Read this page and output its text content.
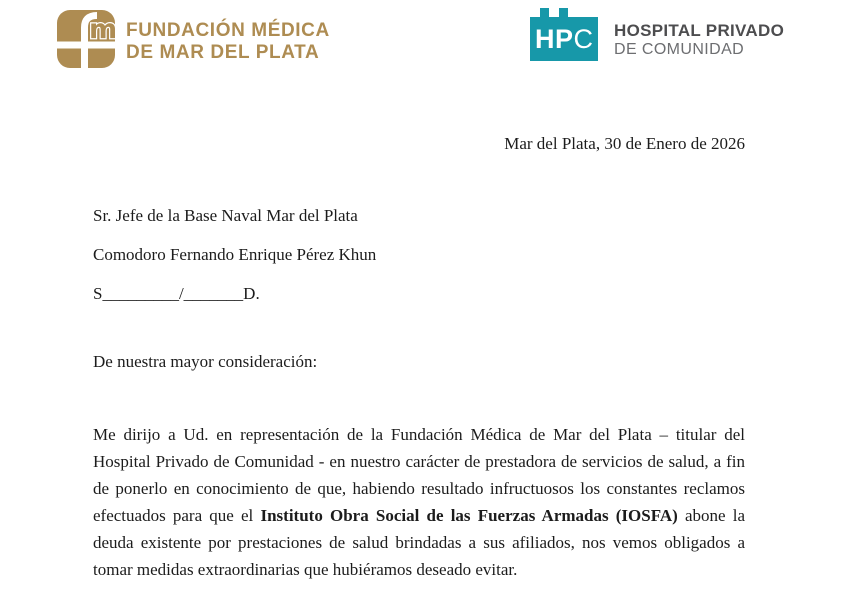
m FUNDACIÓN MÉDICA
DE MAR DEL PLATA	HP C HOSPITAL PRIVADO
DE COMUNIDAD
Mar del Plata, 30 de Enero de 2026
Sr. Jefe de la Base Naval Mar del Plata
Comodoro Fernando Enrique Pérez Khun
S_________/_______D.
De nuestra mayor consideración:

Me dirijo a Ud. en representación de la Fundación Médica de Mar del Plata – titular del Hospital Privado de Comunidad - en nuestro carácter de prestadora de servicios de salud, a fin de ponerlo en conocimiento de que, habiendo resultado infructuosos los constantes reclamos efectuados para que el Instituto Obra Social de las Fuerzas Armadas (IOSFA) abone la deuda existente por prestaciones de salud brindadas a sus afiliados, nos vemos obligados a tomar medidas extraordinarias que hubiéramos deseado evitar.
